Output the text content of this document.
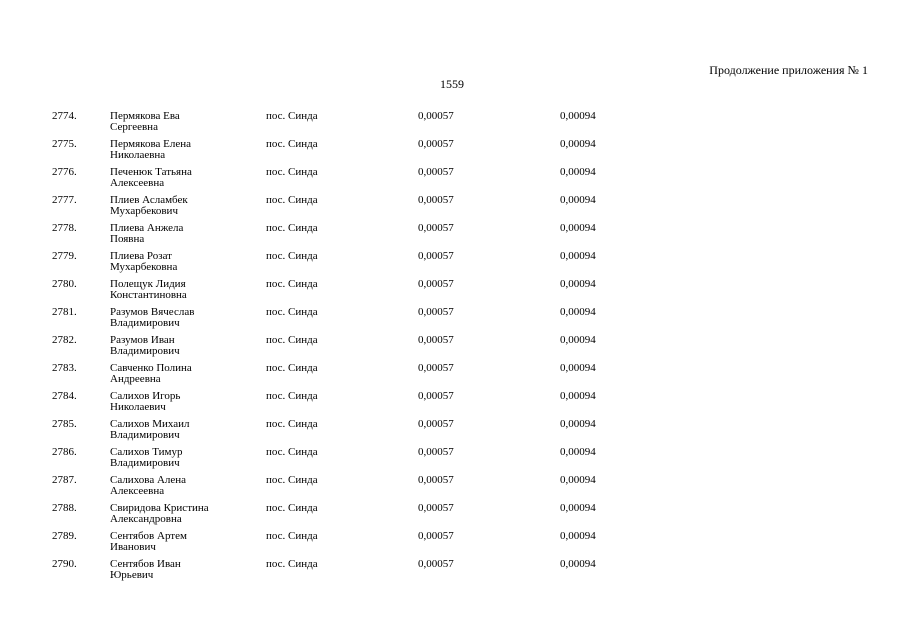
Продолжение приложения № 1
1559
2774.	Пермякова Ева
Сергеевна
пос. Синда	0,00057	0,00094
2775.	Пермякова Елена
Николаевна
пос. Синда	0,00057	0,00094
2776.	Печенюк Татьяна
Алексеевна
пос. Синда	0,00057	0,00094
2777.	Плиев Асламбек
Мухарбекович
пос. Синда	0,00057	0,00094
2778.	Плиева Анжела
Появна
пос. Синда	0,00057	0,00094
2779.	Плиева Розат
Мухарбековна
пос. Синда	0,00057	0,00094
2780.	Полещук Лидия
Константиновна
пос. Синда	0,00057	0,00094
2781.	Разумов Вячеслав
Владимирович
пос. Синда	0,00057	0,00094
2782.	Разумов Иван
Владимирович
пос. Синда	0,00057	0,00094
2783.	Савченко Полина
Андреевна
пос. Синда	0,00057	0,00094
2784.	Салихов Игорь
Николаевич
пос. Синда	0,00057	0,00094
2785.	Салихов Михаил
Владимирович
пос. Синда	0,00057	0,00094
2786.	Салихов Тимур
Владимирович
пос. Синда	0,00057	0,00094
2787.	Салихова Алена
Алексеевна
пос. Синда	0,00057	0,00094
2788.	Свиридова Кристина
Александровна
пос. Синда	0,00057	0,00094
2789.	Сентябов Артем
Иванович
пос. Синда	0,00057	0,00094
2790.	Сентябов Иван
Юрьевич
пос. Синда	0,00057	0,00094
